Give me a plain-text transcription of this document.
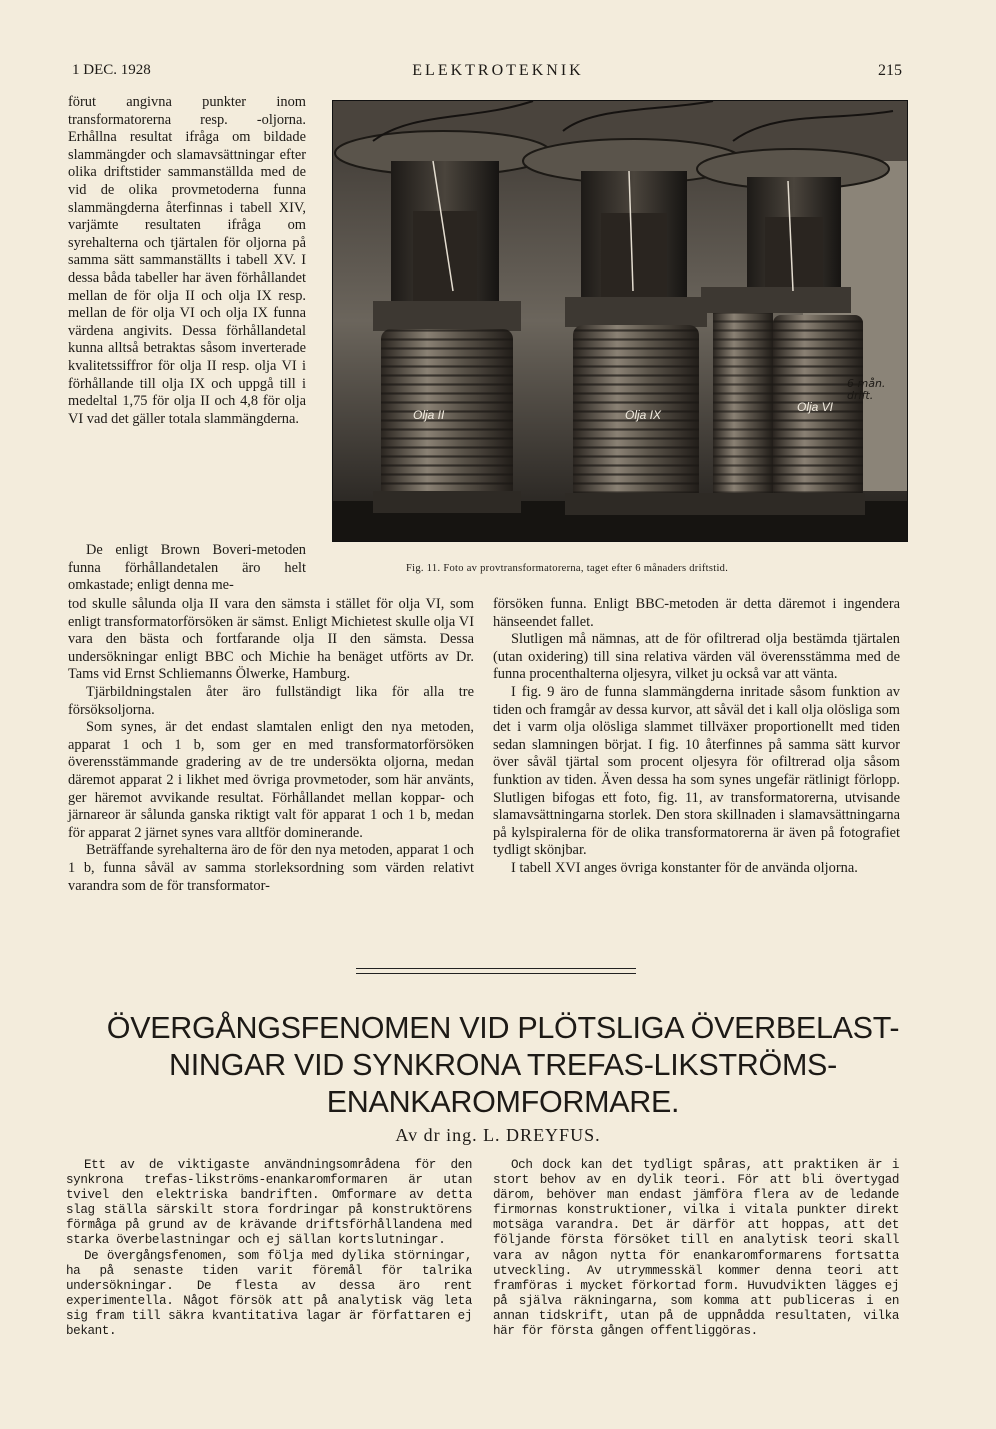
1 DEC. 1928	ELEKTROTEKNIK	215

förut angivna punkter inom transformatorerna resp. -oljorna. Erhållna resultat ifråga om bildade slammängder och slamavsättningar efter olika driftstider sammanställda med de vid de olika provmetoderna funna slammängderna återfinnas i tabell XIV, varjämte resultaten ifråga om syrehalterna och tjärtalen för oljorna på samma sätt sammanställts i tabell XV. I dessa båda tabeller har även förhållandet mellan de för olja II och olja IX resp. mellan de för olja VI och olja IX funna värdena angivits. Dessa förhållandetal kunna alltså betraktas såsom inverterade kvalitetssiffror för olja II resp. olja VI i förhållande till olja IX och uppgå till i medeltal 1,75 för olja II och 4,8 för olja VI vad det gäller totala slammängderna.	Olja II	Olja IX
Olja VI
6 mån.
drift.
Fig. 11. Foto av provtransformatorerna, taget efter 6 månaders driftstid.

De enligt Brown Boveri-metoden funna förhållandetalen äro helt omkastade; enligt denna me-

tod skulle sålunda olja II vara den sämsta i stället för olja VI, som enligt transformatorförsöken är sämst. Enligt Michietest skulle olja VI vara den bästa och fortfarande olja II den sämsta. Dessa undersökningar enligt BBC och Michie ha benäget utförts av Dr. Tams vid Ernst Schliemanns Ölwerke, Hamburg.

Tjärbildningstalen åter äro fullständigt lika för alla tre försöksoljorna.

Som synes, är det endast slamtalen enligt den nya metoden, apparat 1 och 1 b, som ger en med transformatorförsöken överensstämmande gradering av de tre undersökta oljorna, medan däremot apparat 2 i likhet med övriga provmetoder, som här använts, ger häremot avvikande resultat. Förhållandet mellan koppar- och järnareor är sålunda ganska riktigt valt för apparat 1 och 1 b, medan för apparat 2 järnet synes vara alltför dominerande.

Beträffande syrehalterna äro de för den nya metoden, apparat 1 och 1 b, funna såväl av samma storleksordning som värden relativt varandra som de för transformator-

försöken funna. Enligt BBC-metoden är detta däremot i ingendera hänseendet fallet.

Slutligen må nämnas, att de för ofiltrerad olja bestämda tjärtalen (utan oxidering) till sina relativa värden väl överensstämma med de funna procenthalterna oljesyra, vilket ju också var att vänta.

I fig. 9 äro de funna slammängderna inritade såsom funktion av tiden och framgår av dessa kurvor, att såväl det i kall olja olösliga som det i varm olja olösliga slammet tillväxer proportionellt med tiden sedan slamningen börjat. I fig. 10 återfinnes på samma sätt kurvor över såväl tjärtal som procent oljesyra för ofiltrerad olja såsom funktion av tiden. Även dessa ha som synes ungefär rätlinigt förlopp. Slutligen bifogas ett foto, fig. 11, av transformatorerna, utvisande slamavsättningarna storlek. Den stora skillnaden i slamavsättningarna på kylspiralerna för de olika transformatorerna är även på fotografiet tydligt skönjbar.

I tabell XVI anges övriga konstanter för de använda oljorna.

ÖVERGÅNGSFENOMEN VID PLÖTSLIGA ÖVERBELAST-
NINGAR VID SYNKRONA TREFAS-LIKSTRÖMS-
ENANKAROMFORMARE.
Av dr ing. L. DREYFUS.

Ett av de viktigaste användningsområdena för den synkrona trefas-likströms-enankaromformaren är utan tvivel den elektriska bandriften. Omformare av detta slag ställa särskilt stora fordringar på konstruktörens förmåga på grund av de krävande driftsförhållandena med starka överbelastningar och ej sällan kortslutningar.

De övergångsfenomen, som följa med dylika störningar, ha på senaste tiden varit föremål för talrika undersökningar. De flesta av dessa äro rent experimentella. Något försök att på analytisk väg leta sig fram till säkra kvantitativa lagar är författaren ej bekant.

Och dock kan det tydligt spåras, att praktiken är i stort behov av en dylik teori. För att bli övertygad därom, behöver man endast jämföra flera av de ledande firmornas konstruktioner, vilka i vitala punkter direkt motsäga varandra. Det är därför att hoppas, att det följande första försöket till en analytisk teori skall vara av någon nytta för enankaromformarens fortsatta utveckling. Av utrymmesskäl kommer denna teori att framföras i mycket förkortad form. Huvudvikten lägges ej på själva räkningarna, som komma att publiceras i en annan tidskrift, utan på de uppnådda resultaten, vilka här för första gången offentliggöras.
